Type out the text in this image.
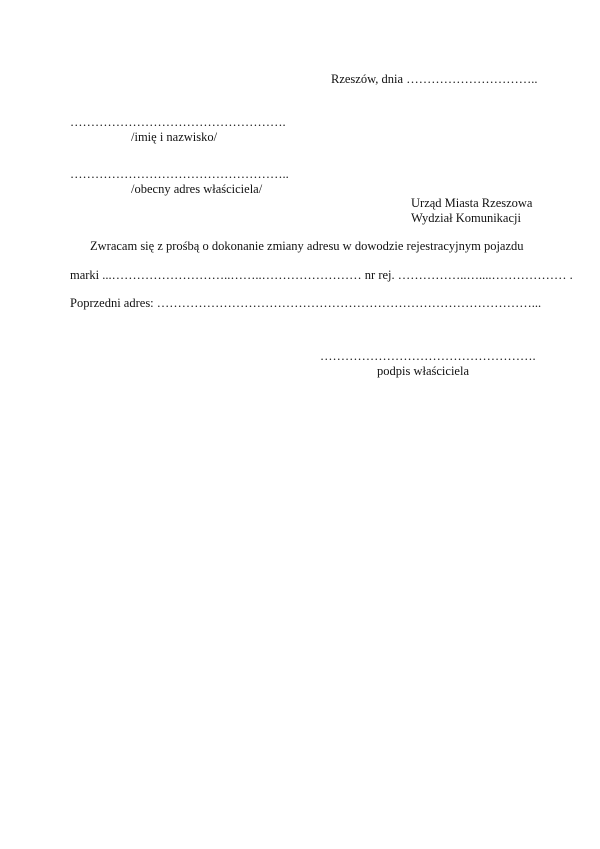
Rzeszów, dnia …………………………..
…………………………………………….
/imię i nazwisko/
……………………………………………..
/obecny adres właściciela/
Urząd Miasta Rzeszowa
Wydział Komunikacji
Zwracam się z prośbą o dokonanie zmiany adresu w dowodzie rejestracyjnym pojazdu
marki ...………………………..……..…………………… nr rej. ……………..…....……………… .
Poprzedni adres: ………………………………………………………………………………...
…………………………………………….
podpis właściciela
